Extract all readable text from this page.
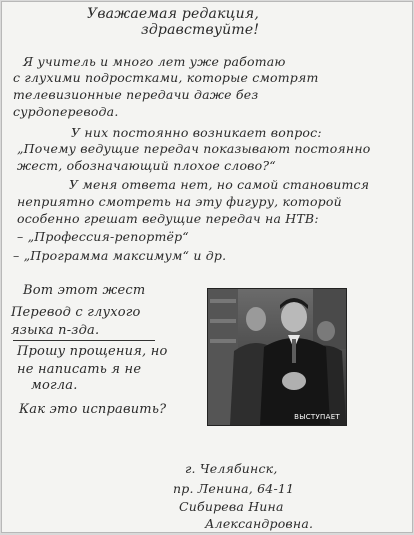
Уважаемая редакция,
здравствуйте!
Я учитель и много лет уже работаю
с глухими подростками, которые смотрят
телевизионные передачи даже без
сурдоперевода.
У них постоянно возникает вопрос:
„Почему ведущие передач показывают постоянно
жест, обозначающий плохое слово?“
У меня ответа нет, но самой становится
неприятно смотреть на эту фигуру, которой
особенно грешат ведущие передач на НТВ:
– „Профессия-репортёр“
– „Программа максимум“ и др.
Вот этот жест
Перевод с глухого
языка п-зда.
Прошу прощения, но
не написать я не
могла.
Как это исправить?	ВЫСТУПАЕТ
г. Челябинск,
пр. Ленина, 64-11
Сибирева Нина
Александровна.
